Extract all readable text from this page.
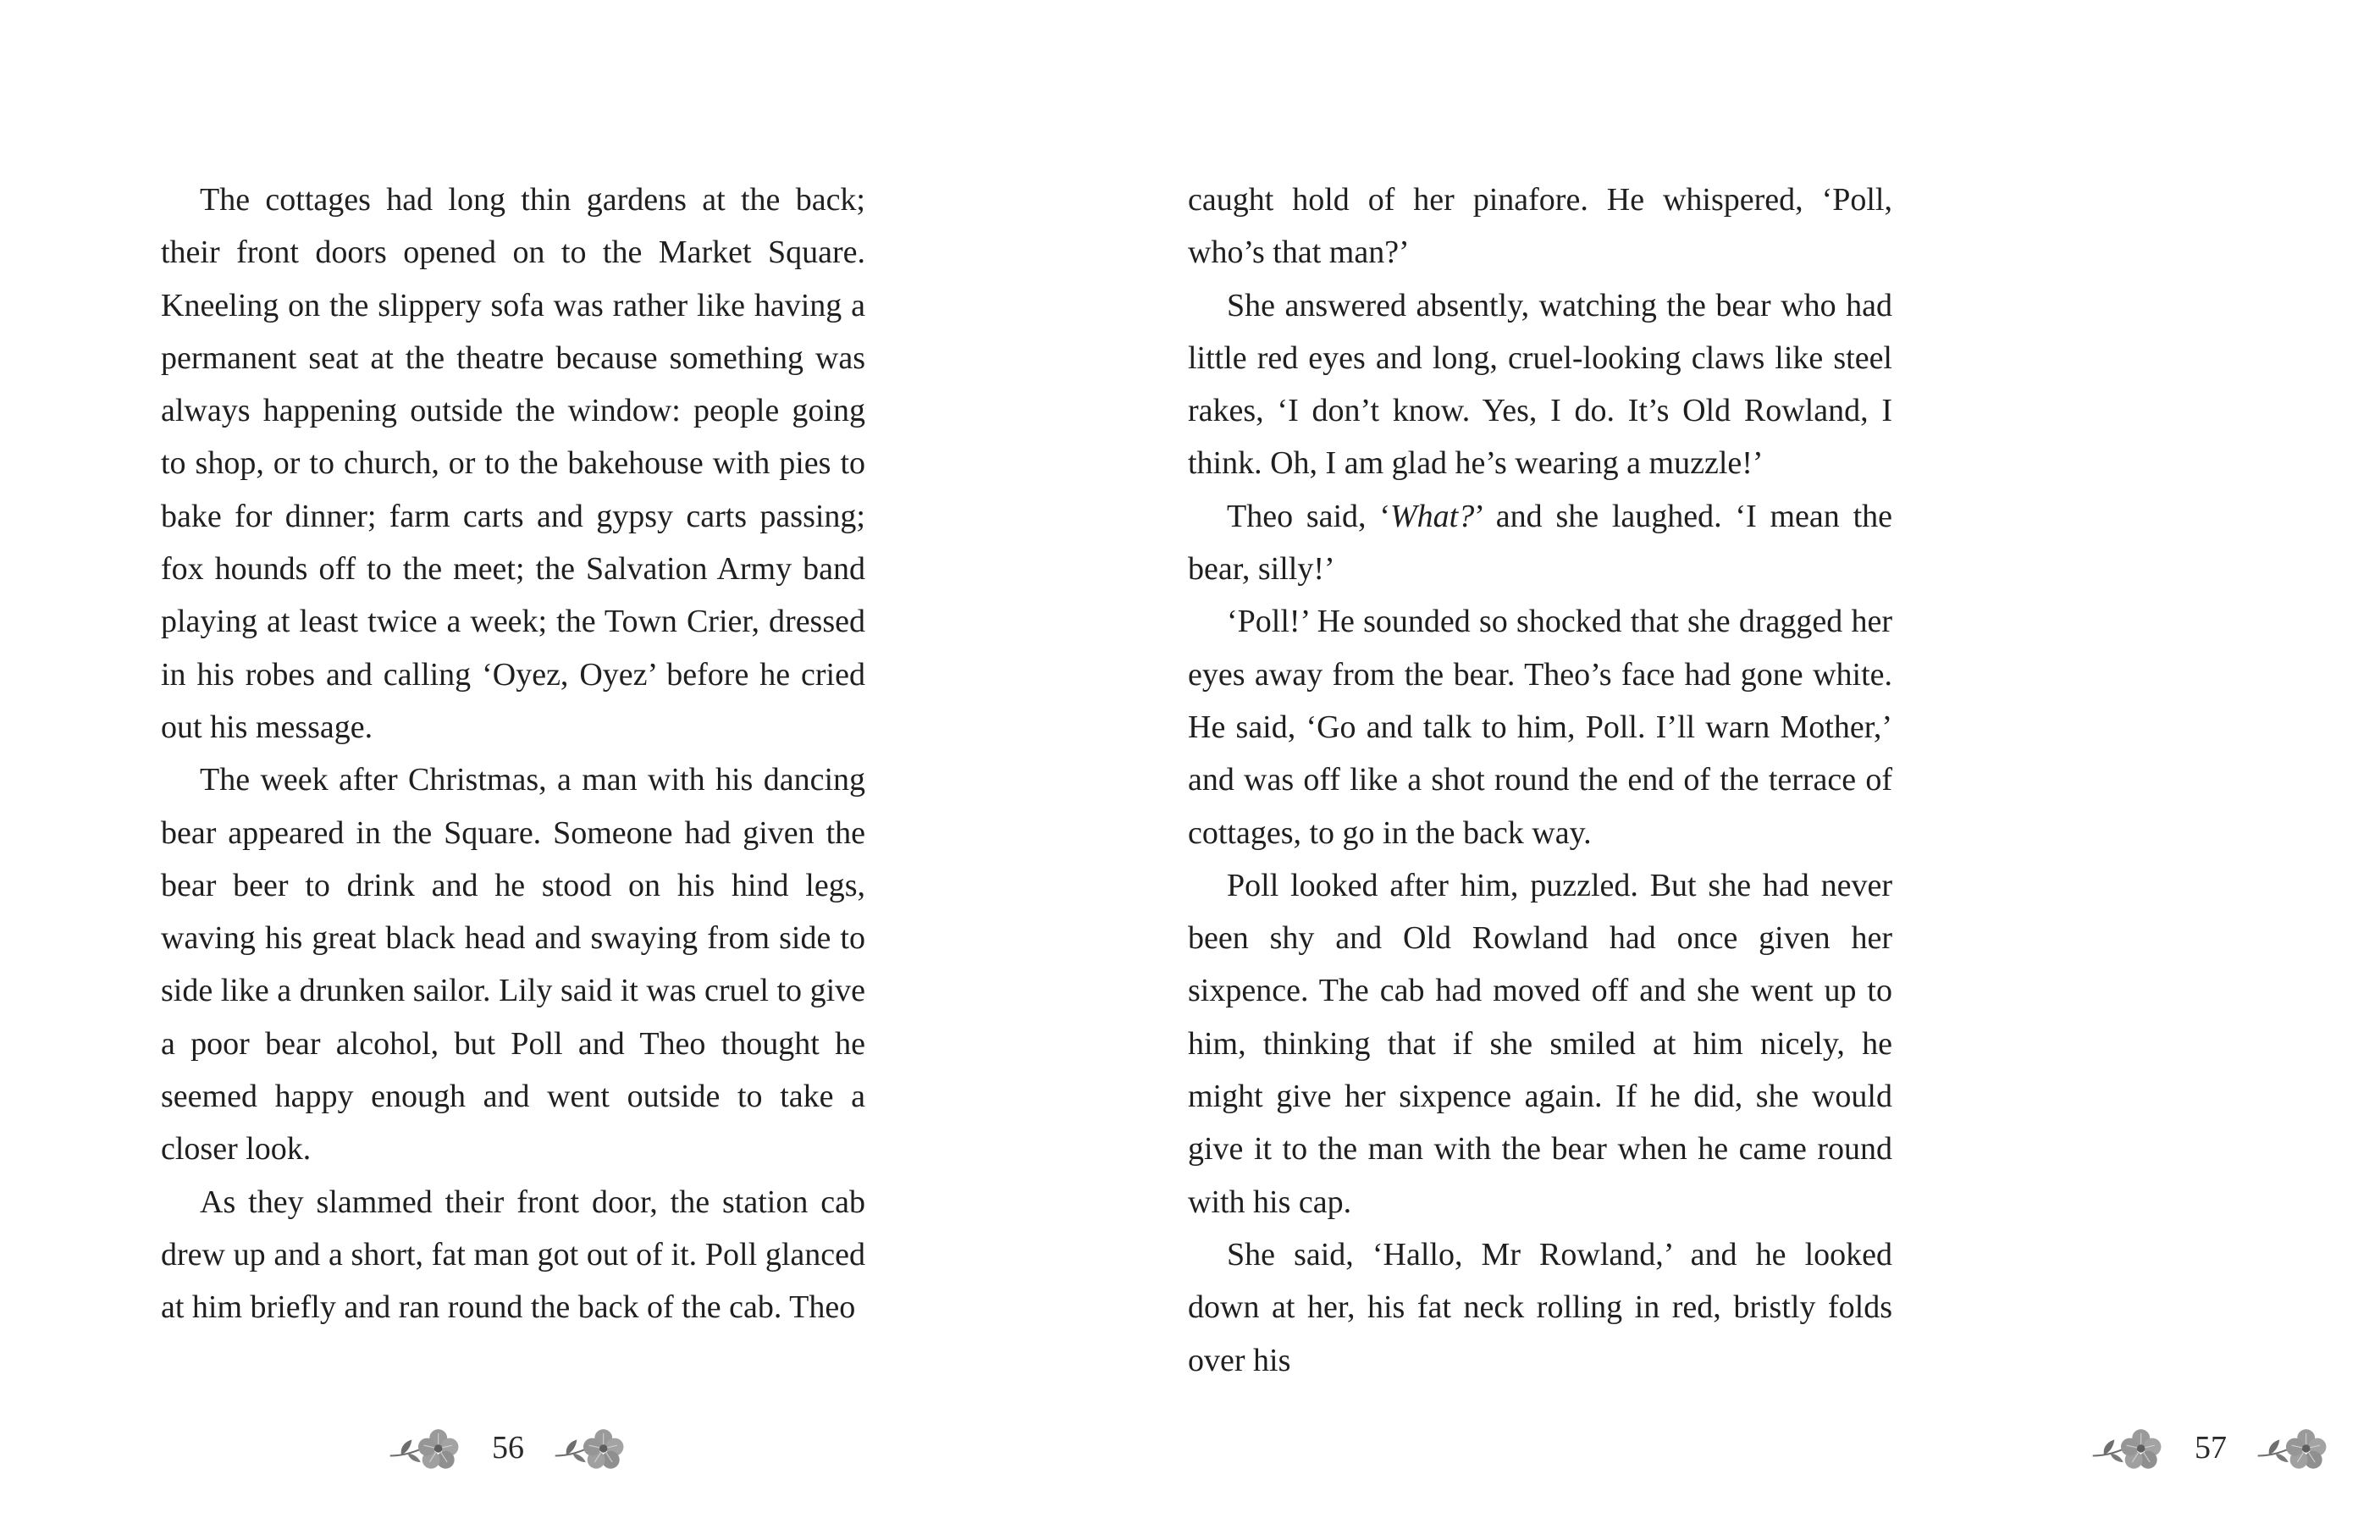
The cottages had long thin gardens at the back; their front doors opened on to the Market Square. Kneeling on the slippery sofa was rather like having a permanent seat at the theatre because something was always happening outside the window: people going to shop, or to church, or to the bakehouse with pies to bake for dinner; farm carts and gypsy carts passing; fox hounds off to the meet; the Salvation Army band playing at least twice a week; the Town Crier, dressed in his robes and calling ‘Oyez, Oyez’ before he cried out his message.

The week after Christmas, a man with his dancing bear appeared in the Square. Someone had given the bear beer to drink and he stood on his hind legs, waving his great black head and swaying from side to side like a drunken sailor. Lily said it was cruel to give a poor bear alcohol, but Poll and Theo thought he seemed happy enough and went outside to take a closer look.

As they slammed their front door, the station cab drew up and a short, fat man got out of it. Poll glanced at him briefly and ran round the back of the cab. Theo

56

caught hold of her pinafore. He whispered, ‘Poll, who’s that man?’

She answered absently, watching the bear who had little red eyes and long, cruel-looking claws like steel rakes, ‘I don’t know. Yes, I do. It’s Old Rowland, I think. Oh, I am glad he’s wearing a muzzle!’

Theo said, ‘What?’ and she laughed. ‘I mean the bear, silly!’

‘Poll!’ He sounded so shocked that she dragged her eyes away from the bear. Theo’s face had gone white. He said, ‘Go and talk to him, Poll. I’ll warn Mother,’ and was off like a shot round the end of the terrace of cottages, to go in the back way.

Poll looked after him, puzzled. But she had never been shy and Old Rowland had once given her sixpence. The cab had moved off and she went up to him, thinking that if she smiled at him nicely, he might give her sixpence again. If he did, she would give it to the man with the bear when he came round with his cap.

She said, ‘Hallo, Mr Rowland,’ and he looked down at her, his fat neck rolling in red, bristly folds over his

57
